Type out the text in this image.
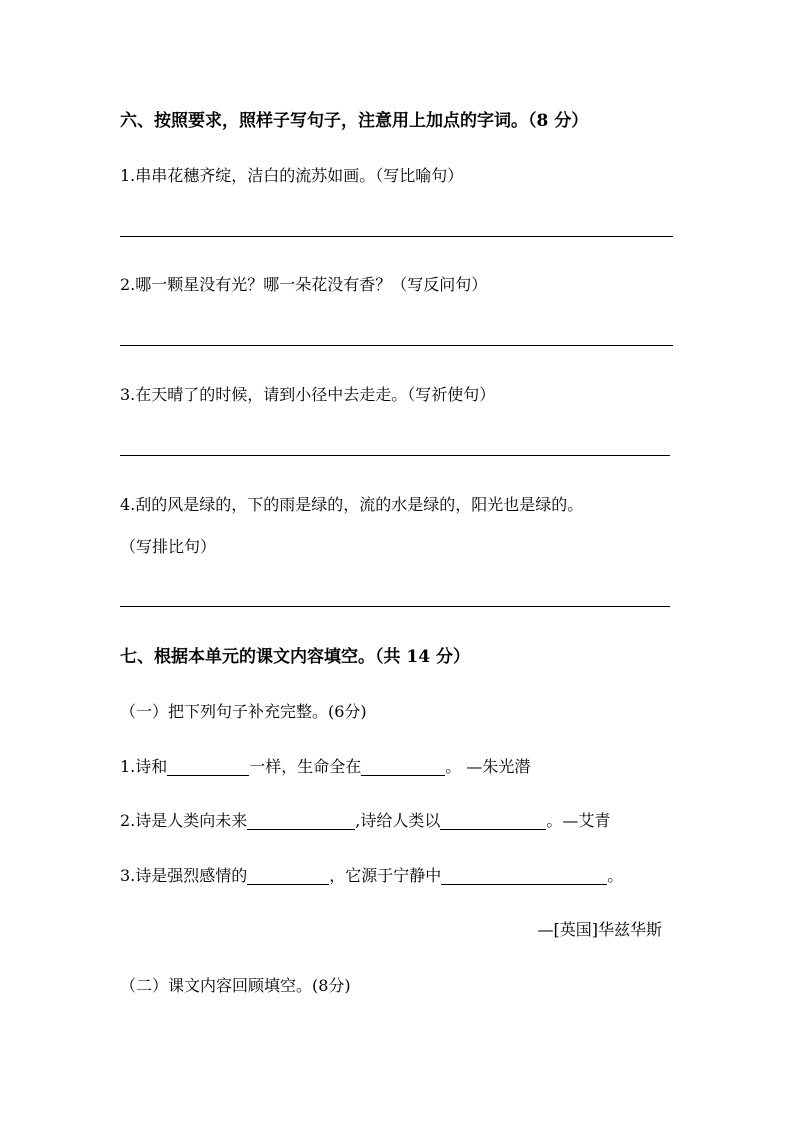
六、按照要求，照样子写句子，注意用上加点的字词。（8 分）
1.串串花穗齐绽，洁白的流苏如画。（写比喻句）
2.哪一颗星没有光？哪一朵花没有香？（写反问句）
3.在天晴了的时候，请到小径中去走走。（写祈使句）
4.刮的风是绿的，下的雨是绿的，流的水是绿的，阳光也是绿的。
（写排比句）
七、根据本单元的课文内容填空。（共 14 分）
（一）把下列句子补充完整。(6分)
1.诗和	一样，生命全在	。 —朱光潜
2.诗是人类向未来	,诗给人类以	。—艾青
3.诗是强烈感情的	，它源于宁静中	。
—[英国]华兹华斯
（二）课文内容回顾填空。(8分)
